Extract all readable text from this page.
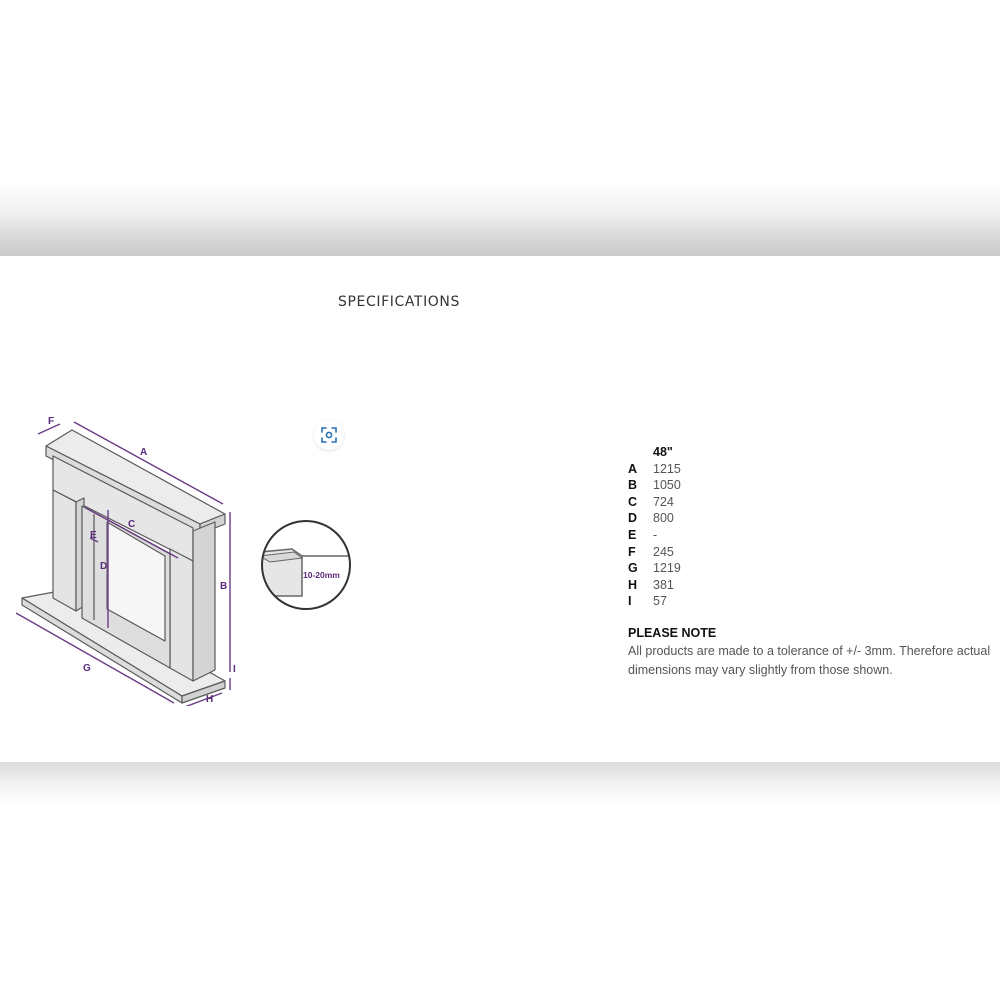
SPECIFICATIONS
F
A
C
E
D
B
I
G
H
10-20mm
48"
A	1215
B	1050
C	724
D	800
E	-
F	245
G	1219
H	381
I	57
PLEASE NOTE
All products are made to a tolerance of +/- 3mm. Therefore actual
dimensions may vary slightly from those shown.
